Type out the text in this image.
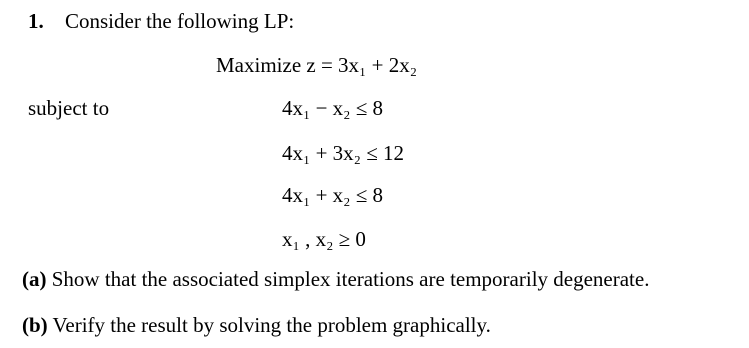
1. Consider the following LP:
Maximize z = 3x₁ + 2x₂
subject to	4x₁ − x₂ ≤ 8
4x₁ + 3x₂ ≤ 12
4x₁ + x₂ ≤ 8
x₁ , x₂ ≥ 0
(a) Show that the associated simplex iterations are temporarily degenerate.
(b) Verify the result by solving the problem graphically.
